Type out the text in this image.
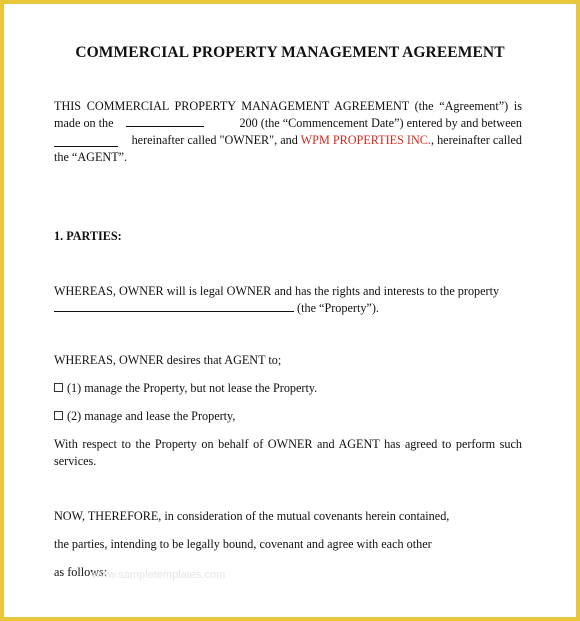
COMMERCIAL PROPERTY MANAGEMENT AGREEMENT
THIS COMMERCIAL PROPERTY MANAGEMENT AGREEMENT (the “Agreement”) is
made on the	200 (the “Commencement Date”) entered by and between
hereinafter called "OWNER", and WPM PROPERTIES INC., hereinafter called
the “AGENT”.
1. PARTIES:
WHEREAS, OWNER will is legal OWNER and has the rights and interests to the property
(the “Property”).
WHEREAS, OWNER desires that AGENT to;
(1) manage the Property, but not lease the Property.
(2) manage and lease the Property,
With respect to the Property on behalf of OWNER and AGENT has agreed to perform such
services.
NOW, THEREFORE, in consideration of the mutual covenants herein contained,
the parties, intending to be legally bound, covenant and agree with each other
as follows:
www.sampletemplates.com
